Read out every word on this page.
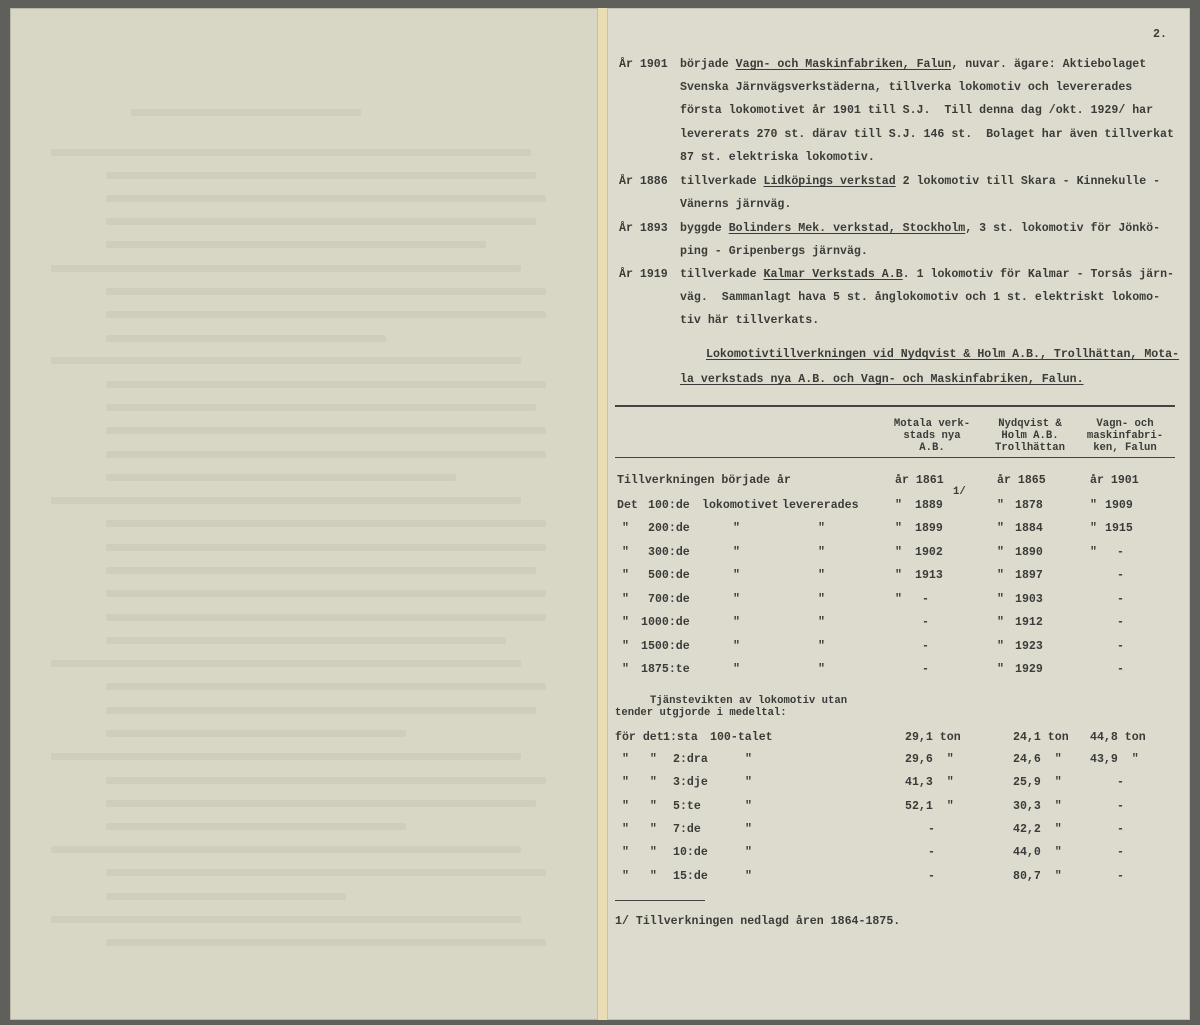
2.
År 1901 började Vagn- och Maskinfabriken, Falun, nuvar. ägare: Aktiebolaget
Svenska Järnvägsverkstäderna, tillverka lokomotiv och levererades
första lokomotivet år 1901 till S.J.  Till denna dag /okt. 1929/ har
levererats 270 st. därav till S.J. 146 st.  Bolaget har även tillverkat
87 st. elektriska lokomotiv.
År 1886 tillverkade Lidköpings verkstad 2 lokomotiv till Skara - Kinnekulle -
Vänerns järnväg.
År 1893 byggde Bolinders Mek. verkstad, Stockholm, 3 st. lokomotiv för Jönkö-
ping - Gripenbergs järnväg.
År 1919 tillverkade Kalmar Verkstads A.B. 1 lokomotiv för Kalmar - Torsås järn-
väg.  Sammanlagt hava 5 st. ånglokomotiv och 1 st. elektriskt lokomo-
tiv här tillverkats.
Lokomotivtillverkningen vid Nydqvist & Holm A.B., Trollhättan, Mota-
la verkstads nya A.B. och Vagn- och Maskinfabriken, Falun.
Motala verk-
stads nya
A.B.
Nydqvist &
Holm A.B.
Trollhättan
Vagn- och
maskinfabri-
ken, Falun
Tillverkningen började år	år 1861	år 1865	år 1901
1/
Det 100:de lokomotivet levererades	" 1889	" 1878	" 1909
" 200:de	"	"	" 1899	" 1884	" 1915
" 300:de	"	"	" 1902	" 1890	" -
" 500:de	"	"	" 1913	" 1897	-
" 700:de	"	"	" -	" 1903	-
" 1000:de	"	"	-	" 1912	-
" 1500:de	"	"	-	" 1923	-
" 1875:te	"	"	-	" 1929	-
Tjänstevikten av lokomotiv utan
tender utgjorde i medeltal:
för det 1:sta 100-talet	29,1 ton	24,1 ton 44,8 ton
"   " 2:dra	"	29,6  "	24,6  " 43,9  "
"   " 3:dje	"	41,3  "	25,9  "	-
"   " 5:te	"	52,1  "	30,3  "	-
"   " 7:de	"	-	42,2  "	-
"   " 10:de	"	-	44,0  "	-
"   " 15:de	"	-	80,7  "	-
1/ Tillverkningen nedlagd åren 1864-1875.
